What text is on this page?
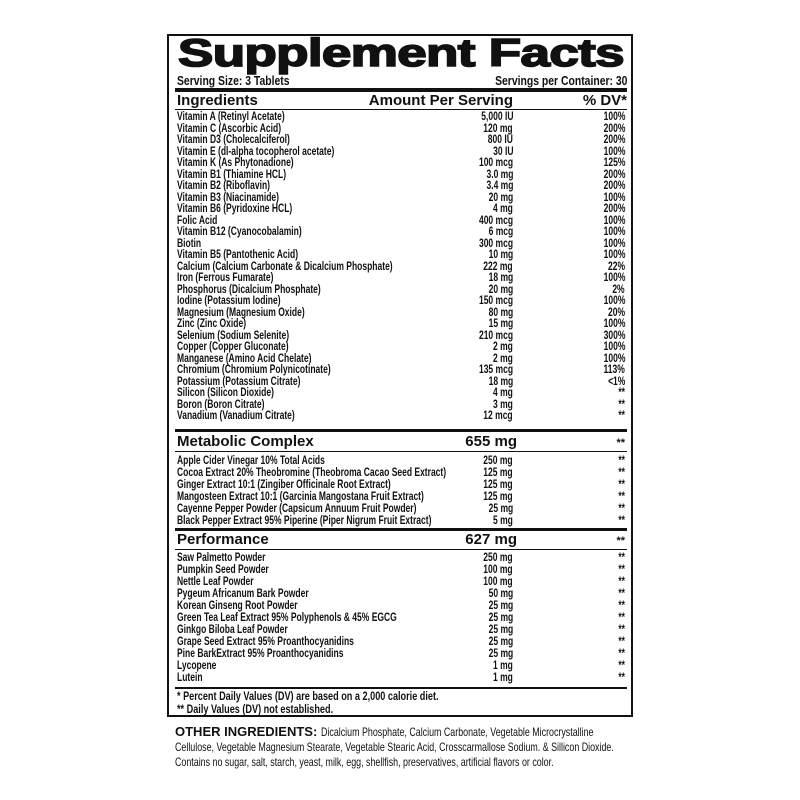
Supplement Facts
Serving Size: 3 Tablets	Servings per Container: 30
Ingredients	Amount Per Serving	% DV*
Vitamin A (Retinyl Acetate)	5,000 IU	100%
Vitamin C (Ascorbic Acid)	120 mg	200%
Vitamin D3 (Cholecalciferol)	800 IU	200%
Vitamin E (dl-alpha tocopherol acetate)	30 IU	100%
Vitamin K (As Phytonadione)	100 mcg	125%
Vitamin B1 (Thiamine HCL)	3.0 mg	200%
Vitamin B2 (Riboflavin)	3.4 mg	200%
Vitamin B3 (Niacinamide)	20 mg	100%
Vitamin B6 (Pyridoxine HCL)	4 mg	200%
Folic Acid	400 mcg	100%
Vitamin B12 (Cyanocobalamin)	6 mcg	100%
Biotin	300 mcg	100%
Vitamin B5 (Pantothenic Acid)	10 mg	100%
Calcium (Calcium Carbonate & Dicalcium Phosphate)	222 mg	22%
Iron (Ferrous Fumarate)	18 mg	100%
Phosphorus (Dicalcium Phosphate)	20 mg	2%
Iodine (Potassium Iodine)	150 mcg	100%
Magnesium (Magnesium Oxide)	80 mg	20%
Zinc (Zinc Oxide)	15 mg	100%
Selenium (Sodium Selenite)	210 mcg	300%
Copper (Copper Gluconate)	2 mg	100%
Manganese (Amino Acid Chelate)	2 mg	100%
Chromium (Chromium Polynicotinate)	135 mcg	113%
Potassium (Potassium Citrate)	18 mg	<1%
Silicon (Silicon Dioxide)	4 mg	**
Boron (Boron Citrate)	3 mg	**
Vanadium (Vanadium Citrate)	12 mcg	**
Metabolic Complex	655 mg	**
Apple Cider Vinegar 10% Total Acids	250 mg	**
Cocoa Extract 20% Theobromine (Theobroma Cacao Seed Extract)	125 mg	**
Ginger Extract 10:1 (Zingiber Officinale Root Extract)	125 mg	**
Mangosteen Extract 10:1 (Garcinia Mangostana Fruit Extract)	125 mg	**
Cayenne Pepper Powder (Capsicum Annuum Fruit Powder)	25 mg	**
Black Pepper Extract 95% Piperine (Piper Nigrum Fruit Extract)	5 mg	**
Performance	627 mg	**
Saw Palmetto Powder	250 mg	**
Pumpkin Seed Powder	100 mg	**
Nettle Leaf Powder	100 mg	**
Pygeum Africanum Bark Powder	50 mg	**
Korean Ginseng Root Powder	25 mg	**
Green Tea Leaf Extract 95% Polyphenols & 45% EGCG	25 mg	**
Ginkgo Biloba Leaf Powder	25 mg	**
Grape Seed Extract 95% Proanthocyanidins	25 mg	**
Pine BarkExtract 95% Proanthocyanidins	25 mg	**
Lycopene	1 mg	**
Lutein	1 mg	**
* Percent Daily Values (DV) are based on a 2,000 calorie diet.
** Daily Values (DV) not established.
OTHER INGREDIENTS: Dicalcium Phosphate, Calcium Carbonate, Vegetable Microcrystalline
Cellulose, Vegetable Magnesium Stearate, Vegetable Stearic Acid, Crosscarmallose Sodium. & Sillicon Dioxide.
Contains no sugar, salt, starch, yeast, milk, egg, shellfish, preservatives, artificial flavors or color.
